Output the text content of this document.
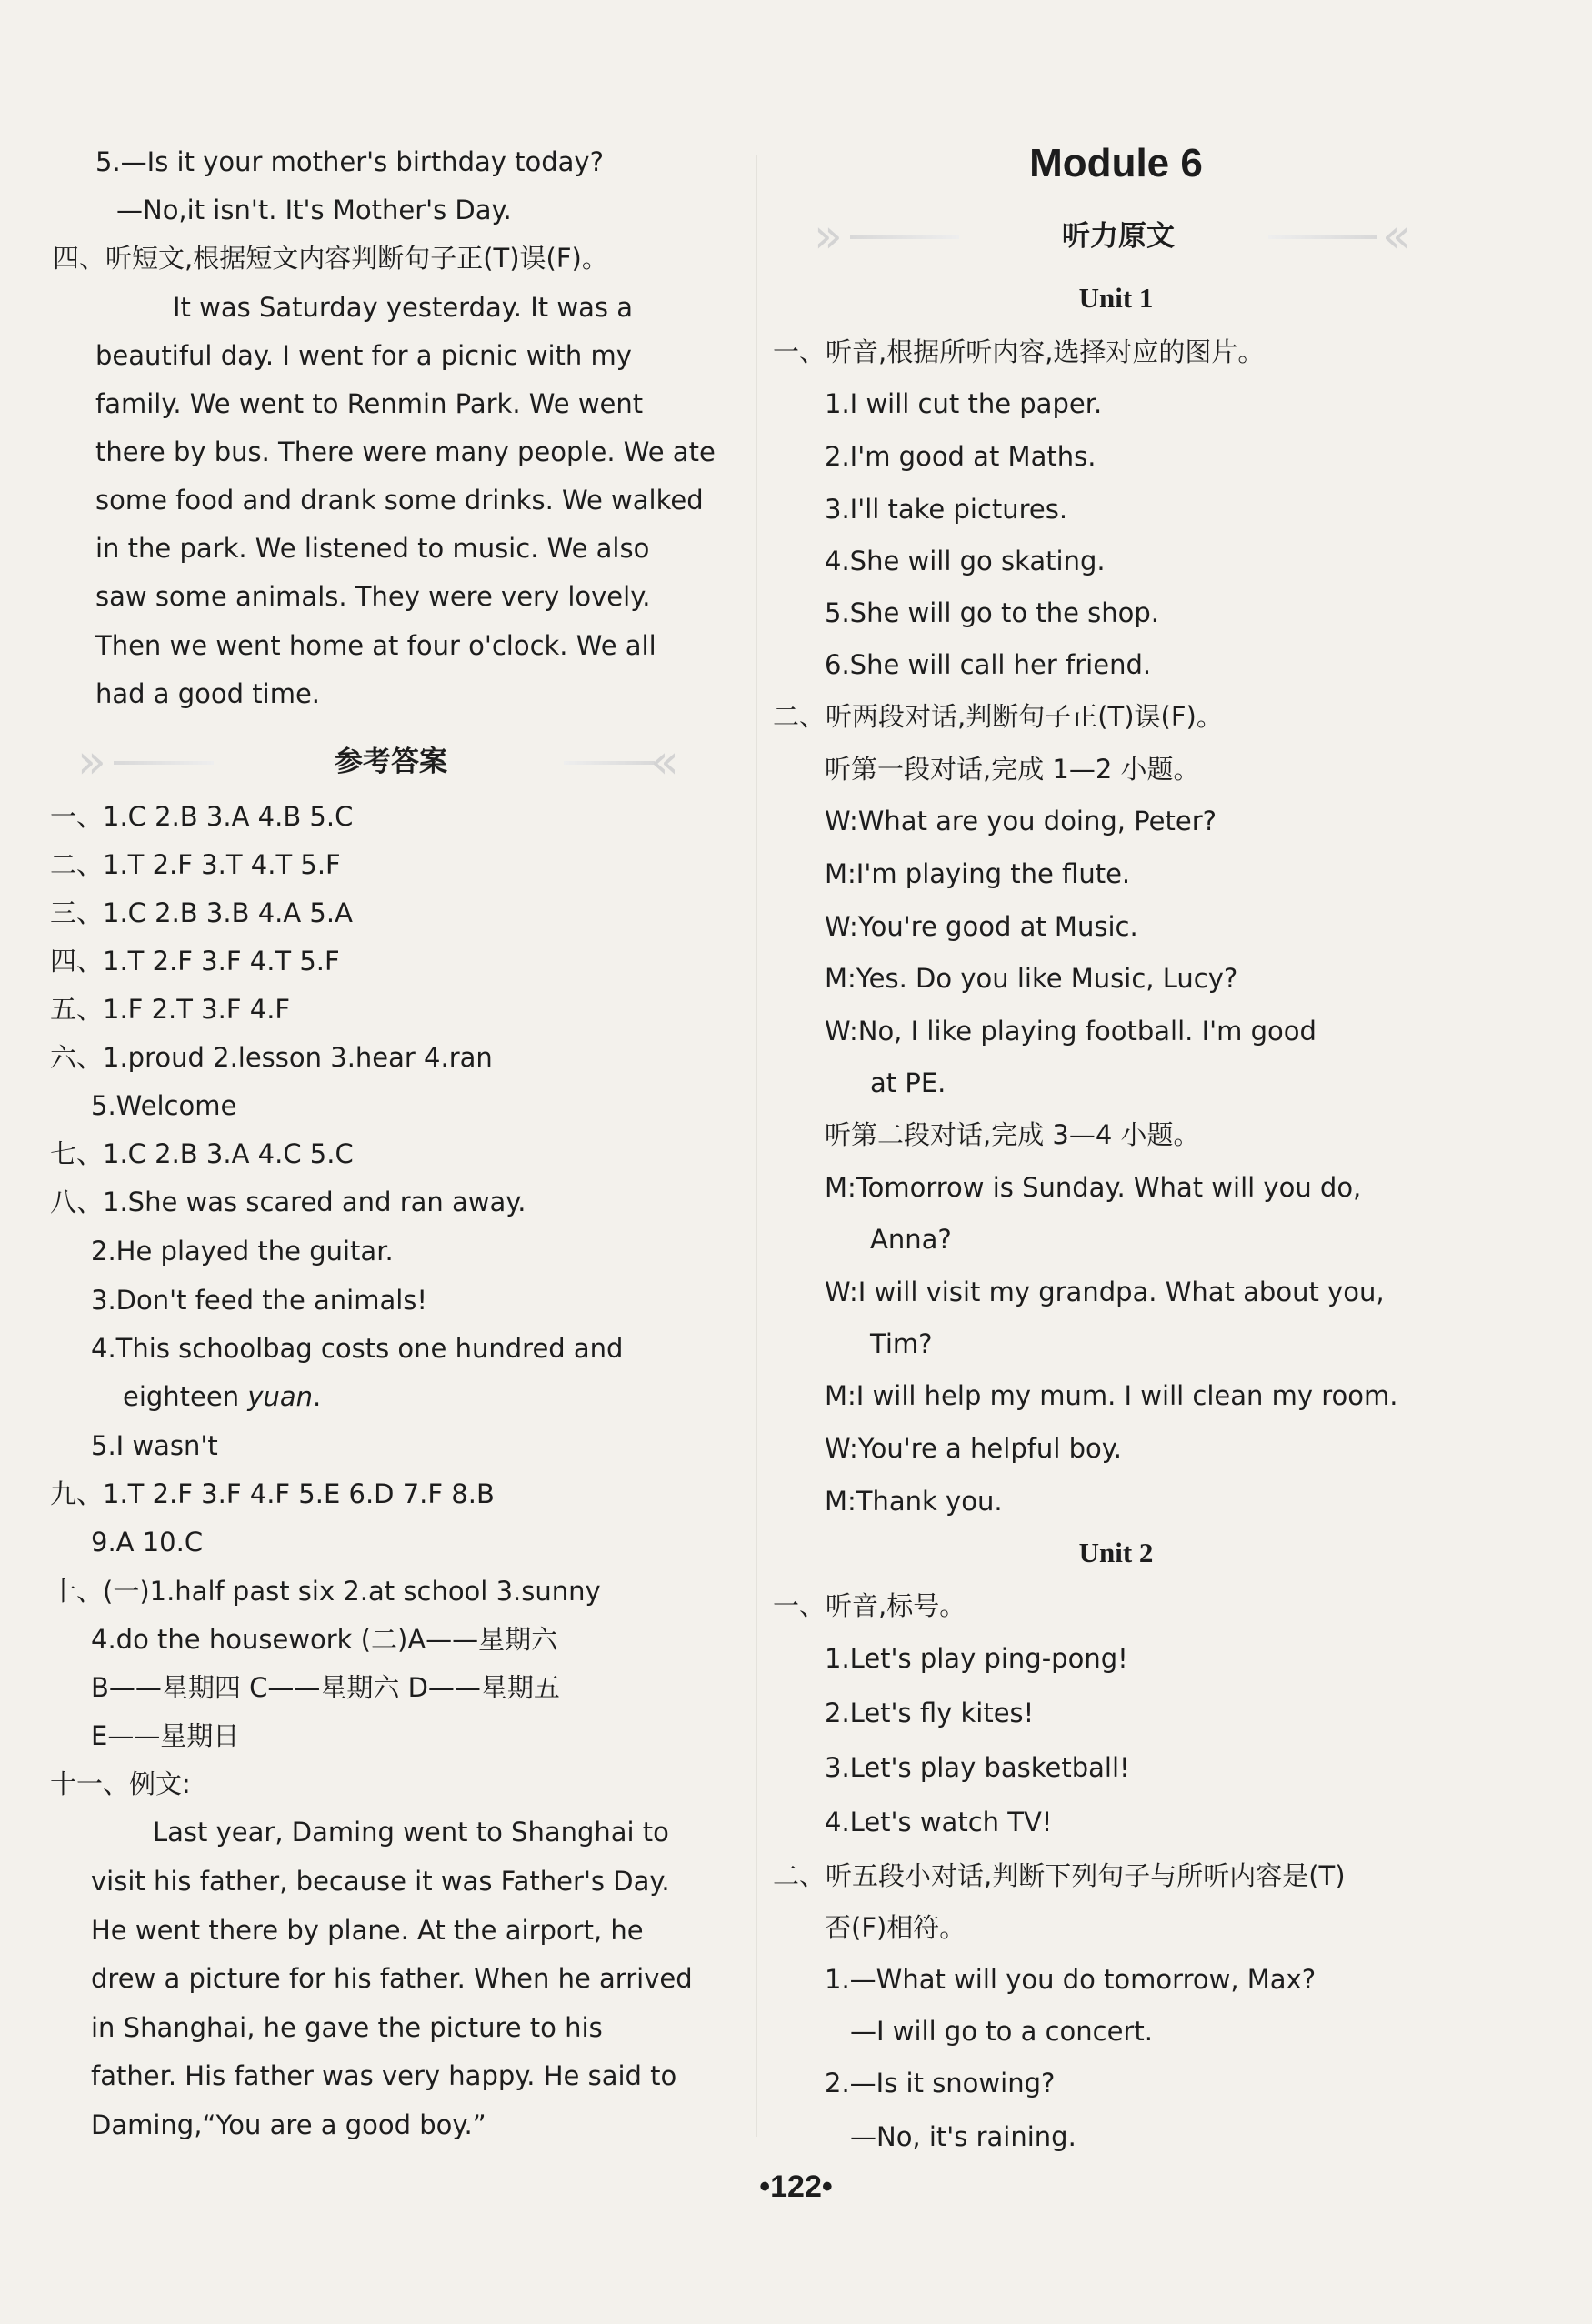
5.—Is it your mother's birthday today?
—No,it isn't. It's Mother's Day.
四、听短文,根据短文内容判断句子正(T)误(F)。
It was Saturday yesterday. It was a
beautiful day. I went for a picnic with my
family. We went to Renmin Park. We went
there by bus. There were many people. We ate
some food and drank some drinks. We walked
in the park. We listened to music. We also
saw some animals. They were very lovely.
Then we went home at four o'clock. We all
had a good time.
»	«
参考答案
一、1.C 2.B 3.A 4.B 5.C
二、1.T 2.F 3.T 4.T 5.F
三、1.C 2.B 3.B 4.A 5.A
四、1.T 2.F 3.F 4.T 5.F
五、1.F 2.T 3.F 4.F
六、1.proud 2.lesson 3.hear 4.ran
5.Welcome
七、1.C 2.B 3.A 4.C 5.C
八、1.She was scared and ran away.
2.He played the guitar.
3.Don't feed the animals!
4.This schoolbag costs one hundred and
eighteen yuan.
5.I wasn't
九、1.T 2.F 3.F 4.F 5.E 6.D 7.F 8.B
9.A 10.C
十、(一)1.half past six 2.at school 3.sunny
4.do the housework (二)A——星期六
B——星期四 C——星期六 D——星期五
E——星期日
十一、例文:
Last year, Daming went to Shanghai to
visit his father, because it was Father's Day.
He went there by plane. At the airport, he
drew a picture for his father. When he arrived
in Shanghai, he gave the picture to his
father. His father was very happy. He said to
Daming,“You are a good boy.”
Module 6
»	«
听力原文
Unit 1
一、听音,根据所听内容,选择对应的图片。
1.I will cut the paper.
2.I'm good at Maths.
3.I'll take pictures.
4.She will go skating.
5.She will go to the shop.
6.She will call her friend.
二、听两段对话,判断句子正(T)误(F)。
听第一段对话,完成 1—2 小题。
W:What are you doing, Peter?
M:I'm playing the flute.
W:You're good at Music.
M:Yes. Do you like Music, Lucy?
W:No, I like playing football. I'm good
at PE.
听第二段对话,完成 3—4 小题。
M:Tomorrow is Sunday. What will you do,
Anna?
W:I will visit my grandpa. What about you,
Tim?
M:I will help my mum. I will clean my room.
W:You're a helpful boy.
M:Thank you.
Unit 2
一、听音,标号。
1.Let's play ping-pong!
2.Let's fly kites!
3.Let's play basketball!
4.Let's watch TV!
二、听五段小对话,判断下列句子与所听内容是(T)
否(F)相符。
1.—What will you do tomorrow, Max?
—I will go to a concert.
2.—Is it snowing?
—No, it's raining.
•122•
